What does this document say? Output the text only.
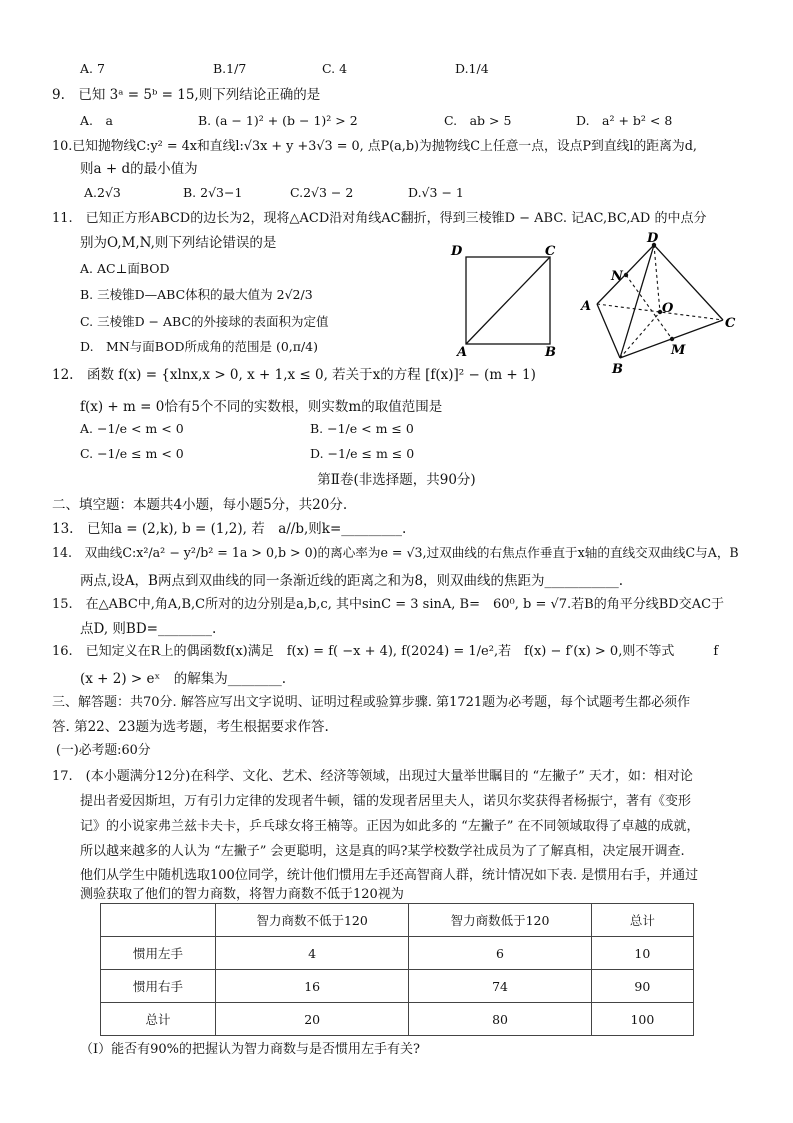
A. 7	B.1/7	C. 4	D.1/4
9.　已知 3ᵃ = 5ᵇ = 15,则下列结论正确的是
A.　a	B. (a − 1)² + (b − 1)² > 2	C.　ab > 5	D.　a² + b² < 8
10.已知抛物线C:y² = 4x和直线l:√3x + y +3√3 = 0, 点P(a,b)为抛物线C上任意一点，设点P到直线l的距离为d,
则a + d的最小值为
A.2√3	B. 2√3−1	C.2√3 − 2	D.√3 − 1
11.　已知正方形ABCD的边长为2，现将△ACD沿对角线AC翻折，得到三棱锥D − ABC. 记AC,BC,AD 的中点分
别为O,M,N,则下列结论错误的是
A. AC⊥面BOD
B. 三棱锥D—ABC体积的最大值为 2√2/3
C. 三棱锥D − ABC的外接球的表面积为定值
D.　MN与面BOD所成角的范围是 (0,π/4)
D	C
A	B
D
N
A	O
C
M
B
12.　函数 f(x) = {xlnx,x > 0, x + 1,x ≤ 0, 若关于x的方程 [f(x)]² − (m + 1)
f(x) + m = 0恰有5个不同的实数根，则实数m的取值范围是
A. −1/e < m < 0	B. −1/e < m ≤ 0
C. −1/e ≤ m < 0	D. −1/e ≤ m ≤ 0
第Ⅱ卷(非选择题，共90分)
二、填空题：本题共4小题，每小题5分，共20分.
13.　已知a = (2,k), b = (1,2), 若　a//b,则k=_________.
14.　双曲线C:x²/a² − y²/b² = 1a > 0,b > 0)的离心率为e = √3,过双曲线的右焦点作垂直于x轴的直线交双曲线C与A，B
两点,设A，B两点到双曲线的同一条渐近线的距离之和为8，则双曲线的焦距为___________.
15.　在△ABC中,角A,B,C所对的边分别是a,b,c, 其中sinC = 3 sinA, B=　60⁰, b = √7.若B的角平分线BD交AC于
点D, 则BD=________.
16.　已知定义在R上的偶函数f(x)满足　f(x) = f( −x + 4), f(2024) = 1/e²,若　f(x) − f′(x) > 0,则不等式　　　f
(x + 2) > eˣ　的解集为________.
三、解答题：共70分. 解答应写出文字说明、证明过程或验算步骤. 第1721题为必考题，每个试题考生都必须作
答. 第22、23题为选考题，考生根据要求作答.
(一)必考题:60分
17.　(本小题满分12分)在科学、文化、艺术、经济等领域，出现过大量举世瞩目的 “左撇子” 天才，如：相对论
提出者爱因斯坦，万有引力定律的发现者牛顿，镭的发现者居里夫人，诺贝尔奖获得者杨振宁，著有《变形
记》的小说家弗兰兹卡夫卡，乒乓球女将王楠等。正因为如此多的 “左撇子” 在不同领域取得了卓越的成就，
所以越来越多的人认为 “左撇子” 会更聪明，这是真的吗?某学校数学社成员为了了解真相，决定展开调查.
他们从学生中随机选取100位同学，统计他们惯用左手还高智商人群，统计情况如下表. 是惯用右手，并通过
测验获取了他们的智力商数，将智力商数不低于120视为
	智力商数不低于120	智力商数低于120	总计
惯用左手	4	6	10
惯用右手	16	74	90
总计	20	80	100
（Ⅰ）能否有90%的把握认为智力商数与是否惯用左手有关?
